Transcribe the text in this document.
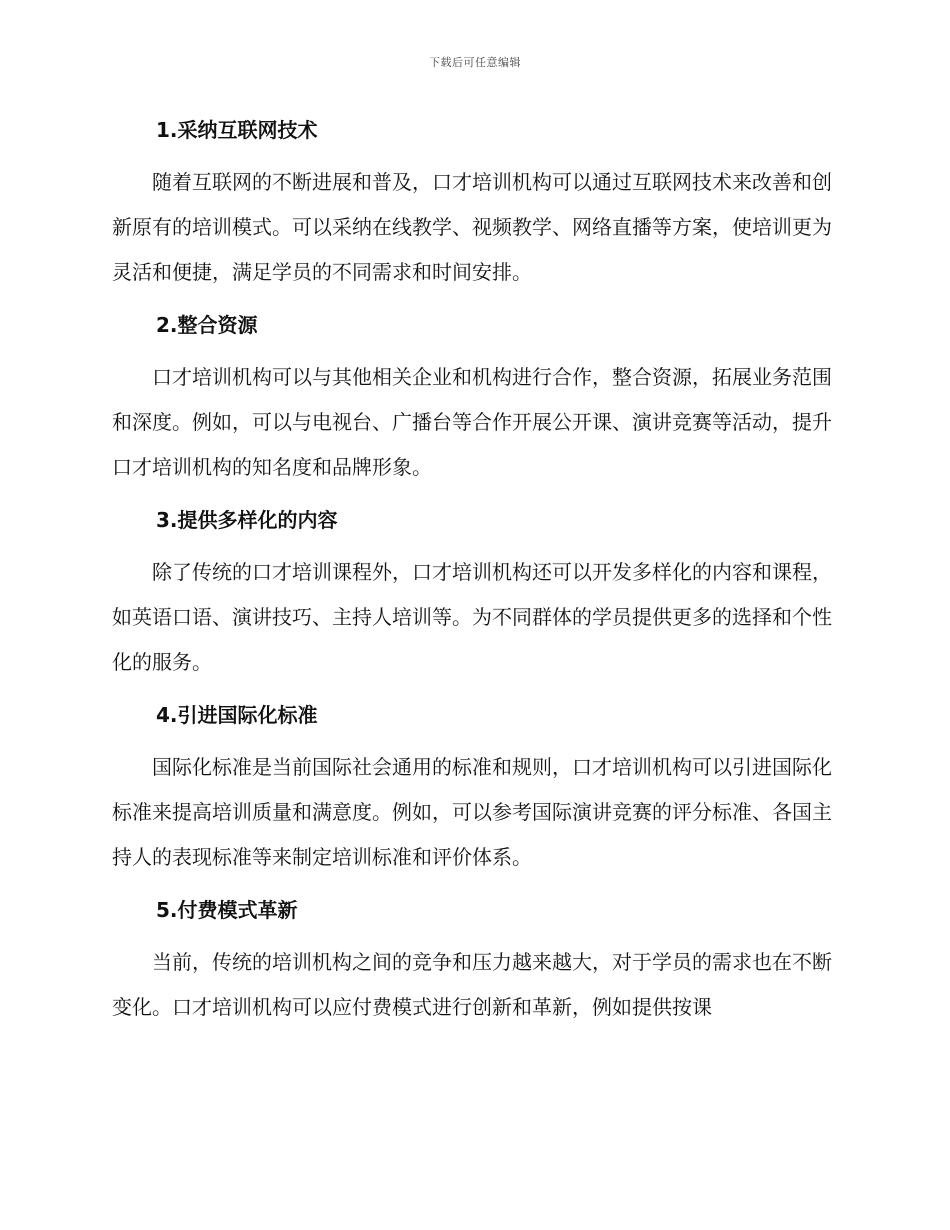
下载后可任意编辑
1.采纳互联网技术
随着互联网的不断进展和普及，口才培训机构可以通过互联网技术来改善和创新原有的培训模式。可以采纳在线教学、视频教学、网络直播等方案，使培训更为灵活和便捷，满足学员的不同需求和时间安排。
2.整合资源
口才培训机构可以与其他相关企业和机构进行合作，整合资源，拓展业务范围和深度。例如，可以与电视台、广播台等合作开展公开课、演讲竞赛等活动，提升口才培训机构的知名度和品牌形象。
3.提供多样化的内容
除了传统的口才培训课程外，口才培训机构还可以开发多样化的内容和课程，如英语口语、演讲技巧、主持人培训等。为不同群体的学员提供更多的选择和个性化的服务。
4.引进国际化标准
国际化标准是当前国际社会通用的标准和规则，口才培训机构可以引进国际化标准来提高培训质量和满意度。例如，可以参考国际演讲竞赛的评分标准、各国主持人的表现标准等来制定培训标准和评价体系。
5.付费模式革新
当前，传统的培训机构之间的竞争和压力越来越大，对于学员的需求也在不断变化。口才培训机构可以应付费模式进行创新和革新，例如提供按课
